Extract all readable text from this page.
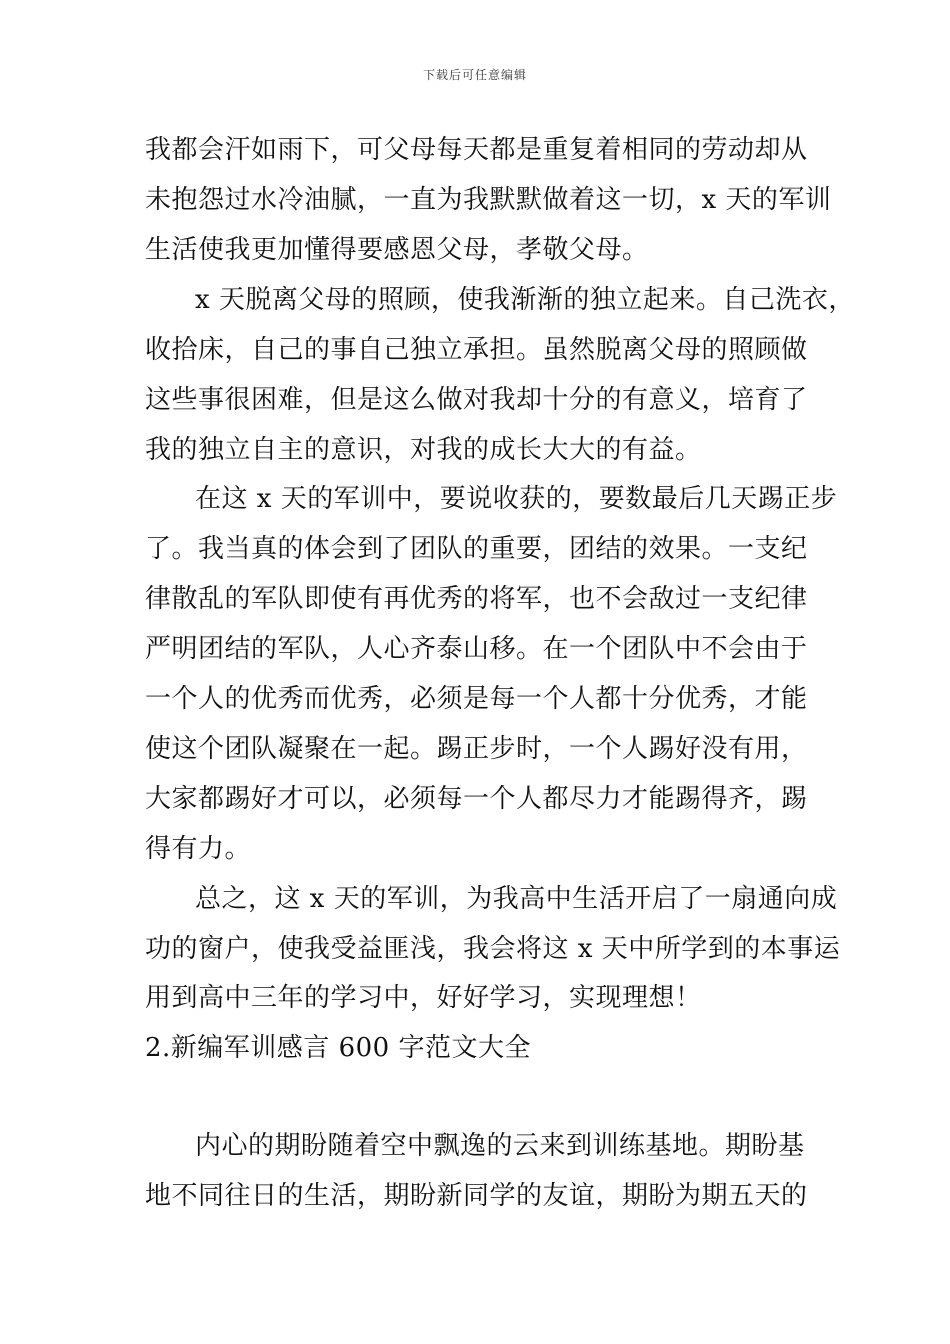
下载后可任意编辑
我都会汗如雨下，可父母每天都是重复着相同的劳动却从
未抱怨过水冷油腻，一直为我默默做着这一切，x 天的军训
生活使我更加懂得要感恩父母，孝敬父母。
x 天脱离父母的照顾，使我渐渐的独立起来。自己洗衣，
收拾床，自己的事自己独立承担。虽然脱离父母的照顾做
这些事很困难，但是这么做对我却十分的有意义，培育了
我的独立自主的意识，对我的成长大大的有益。
在这 x 天的军训中，要说收获的，要数最后几天踢正步
了。我当真的体会到了团队的重要，团结的效果。一支纪
律散乱的军队即使有再优秀的将军，也不会敌过一支纪律
严明团结的军队，人心齐泰山移。在一个团队中不会由于
一个人的优秀而优秀，必须是每一个人都十分优秀，才能
使这个团队凝聚在一起。踢正步时，一个人踢好没有用，
大家都踢好才可以，必须每一个人都尽力才能踢得齐，踢
得有力。
总之，这 x 天的军训，为我高中生活开启了一扇通向成
功的窗户，使我受益匪浅，我会将这 x 天中所学到的本事运
用到高中三年的学习中，好好学习，实现理想！
2.新编军训感言 600 字范文大全
内心的期盼随着空中飘逸的云来到训练基地。期盼基
地不同往日的生活，期盼新同学的友谊，期盼为期五天的
